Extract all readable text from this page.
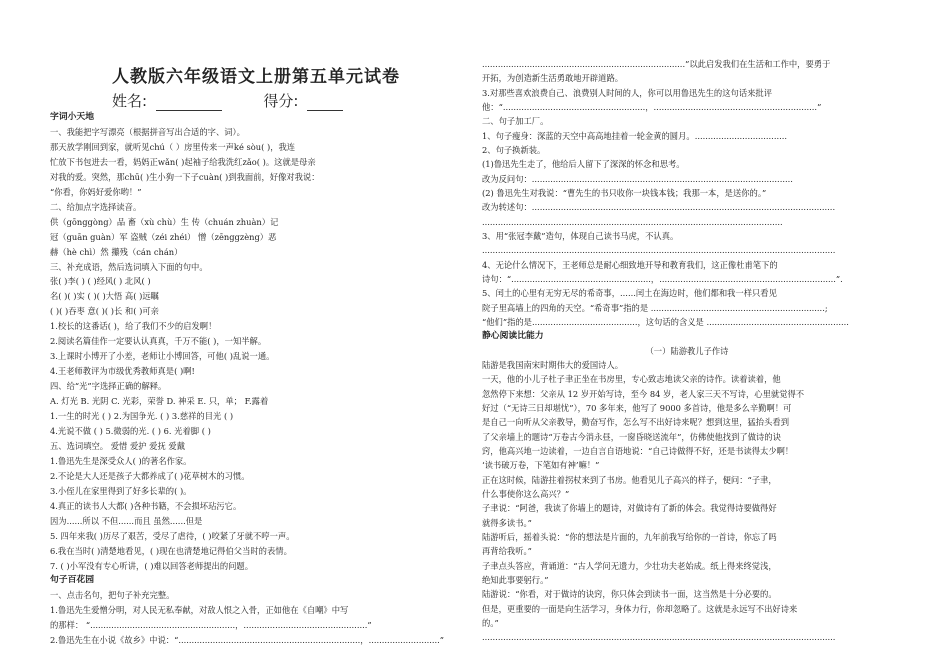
人教版六年级语文上册第五单元试卷
姓名:	得分:
字词小天地
一、我能把字写漂亮（根据拼音写出合适的字、词）。
那天放学刚回到家，就听见chú（ ）房里传来一声ké sòu( )，我连
忙放下书包进去一看，妈妈正wǎn( )起袖子给我洗红zǎo( )。这就是母亲
对我的爱。突然，那chū( )生小狗一下子cuàn( )到我面前，好像对我说：
“你看，你妈好爱你哟！”
二、给加点字选择读音。
供（gōnggòng）品 畜（xù chù）生 传（chuán zhuàn）记
冠（guān guàn）军 盗贼（zéi zhéi） 憎（zēnggzèng）恶
赫（hè chì）然 攥残（cán chán）
三、补充成语，然后选词填入下面的句中。
张( )李( ) ( )经风( ) 北风( )
名( )( )实 ( )( )大悟 高( )远瞩
( )( )吞枣 意( )( )长 和( )可亲
1.校长的这番话( )，给了我们不少的启发啊！
2.阅读名篇佳作一定要认认真真，千万不能( )，一知半解。
3.上课时小博开了小差，老师让小博回答，可他( )乱说一通。
4.王老师教评为市级优秀教师真是( )啊!
四、给“光”字选择正确的解释。
A. 灯光 B. 光阴 C. 光彩，荣誉 D. 神采 E. 只，单； F.露着
1.一生的时光 ( ) 2.为国争光. ( ) 3.慈祥的目光 ( )
4.光说不做 ( ) 5.微弱的光. ( ) 6. 光着脚 ( )
五、选词填空。 爱惜 爱护 爱抚 爱戴
1.鲁迅先生是深受众人( )的著名作家。
2.不论是大人还是孩子大都养成了( )花草树木的习惯。
3.小侄儿在家里得到了好多长辈的( )。
4.真正的读书人大都( )各种书籍，不会损坏玷污它。
因为......所以 不但......而且 虽然......但是
5. 四年来我( )历尽了艰苦，受尽了虐待，( )咬紧了牙就不哼一声。
6.我在当时( )清楚地看见，( )现在也清楚地记得伯父当时的表情。
7. ( )小军没有专心听讲，( )难以回答老师提出的问题。
句子百花园
一、点击名句，把句子补充完整。
1.鲁迅先生爱憎分明，对人民无私奉献，对敌人恨之入骨，正如他在《自嘲》中写
的那样： “.......................................................，...............................................”
2.鲁迅先生在小说《故乡》中说：“.....................................................................，...........................”
.............................................................................”以此启发我们在生活和工作中，要勇于
开拓，为创造新生活勇敢地开辟道路。
3.对那些喜欢浪费自己、浪费别人时间的人，你可以用鲁迅先生的这句话来批评
他：“......................................................，..............................................................”
二、句子加工厂。
1、句子瘦身：深蓝的天空中高高地挂着一轮金黄的圆月。...................................
2、句子换新装。
(1)鲁迅先生走了，他给后人留下了深深的怀念和思考。
改为反问句：...................................................................................................
(2) 鲁迅先生对我说：“曹先生的书只收你一块钱本钱；我那一本，是送你的。”
改为转述句：...................................................................................................................
..................................................................................................................
3、用“张冠李戴”造句，体现自己读书马虎，不认真。
......................................................................................................................................
4、无论什么情况下，王老师总是耐心细致地开导和教育我们，这正像杜甫笔下的
诗句：“.....................................................，...................................................................”.
5、闰土的心里有无穷无尽的希奇事，......闰土在海边时，他们都和我一样只看见
院子里高墙上的四角的天空。“希奇事”指的是 ..................................................................;
“他们”指的是........................................，这句话的含义是 ......................................................
静心阅读比能力
（一）陆游教儿子作诗
陆游是我国南宋时期伟大的爱国诗人。
一天，他的小儿子杜子聿正坐在书房里，专心致志地读父亲的诗作。读着读着，他
忽然停下来想：父亲从 12 岁开始写诗，至今 84 岁，老人家三天不写诗，心里就觉得不
好过（“无诗三日却堪忧”），70 多年来，他写了 9000 多首诗，他是多么辛勤啊！可
是自己一向听从父亲教导，勤奋写作，怎么写不出好诗来呢？想到这里，猛抬头看到
了父亲墙上的题诗“万卷古今消永昼，一窗昏晓送流年”，仿佛使他找到了做诗的诀
窍，他高兴地一边读着，一边自言自语地说：“自己诗做得不好，还是书读得太少啊！
‘读书破万卷，下笔如有神’嘛！”
正在这时候，陆游拄着拐杖来到了书房。他看见儿子高兴的样子，便问：“子聿，
什么事使你这么高兴？”
子聿说：“阿爸，我读了你墙上的题诗，对做诗有了新的体会。我觉得诗要做得好
就得多读书。”
陆游听后，摇着头说：“你的想法是片面的，九年前我写给你的一首诗，你忘了吗
再背给我听。”
子聿点头答应，背诵道：“古人学问无遗力，少壮功夫老始成。纸上得来终觉浅，
绝知此事要躬行。”
陆游说：“你看，对于做诗的诀窍，你只体会到读书一面，这当然是十分必要的。
但是，更重要的一面是向生活学习，身体力行，你却忽略了。这就是永远写不出好诗来
的。”
......................................................................................................................................
